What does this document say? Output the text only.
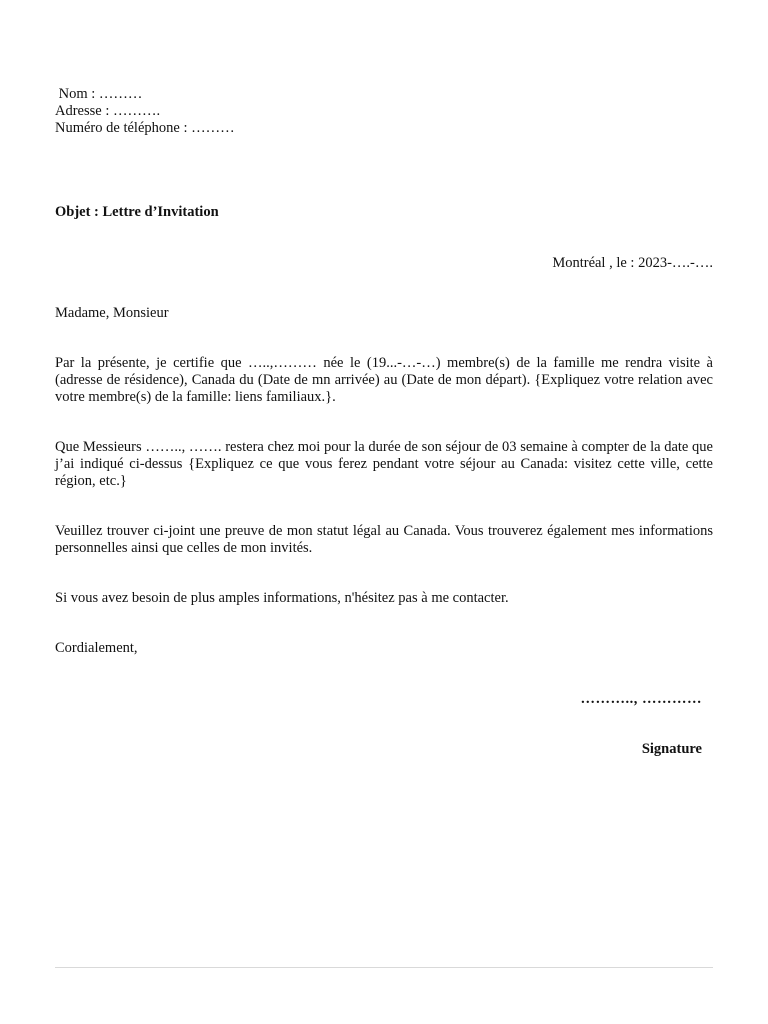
Nom : ………
Adresse : ……….
Numéro de téléphone : ………
Objet : Lettre d’Invitation
Montréal , le : 2023-….-….
Madame, Monsieur
Par la présente, je certifie que …..,……… née le (19...-…-…) membre(s) de la famille me rendra visite à (adresse de résidence), Canada du (Date de mn arrivée) au (Date de mon départ). {Expliquez votre relation avec votre membre(s) de la famille: liens familiaux.}.
Que Messieurs …….., ……. restera chez moi pour la durée de son séjour de 03 semaine à compter de la date que j’ai indiqué ci-dessus {Expliquez ce que vous ferez pendant votre séjour au Canada: visitez cette ville, cette région, etc.}
Veuillez trouver ci-joint une preuve de mon statut légal au Canada. Vous trouverez également mes informations personnelles ainsi que celles de mon invités.
Si vous avez besoin de plus amples informations, n'hésitez pas à me contacter.
Cordialement,
……….., …………
Signature
